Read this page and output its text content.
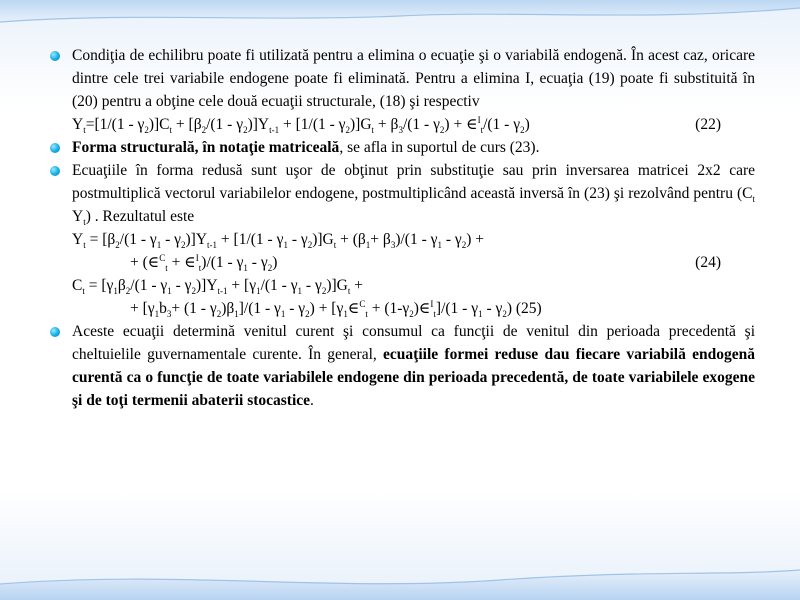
Condiţia de echilibru poate fi utilizată pentru a elimina o ecuaţie şi o variabilă endogenă. În acest caz, oricare dintre cele trei variabile endogene poate fi eliminată. Pentru a elimina I, ecuaţia (19) poate fi substituită în (20) pentru a obţine cele două ecuaţii structurale, (18) şi respectiv
$Y_t=[1/(1 - \gamma_2)]C_t + [\beta_2/(1 - \gamma_2)]Y_{t-1} + [1/(1 - \gamma_2)]G_t + \beta_3/(1 - \gamma_2)$ + ∈$^I_t$/(1 - $\gamma_2$)	(22)
Forma structurală, în notaţie matriceală, se afla in suportul de curs (23).
Ecuaţiile în forma redusă sunt uşor de obţinut prin substituţie sau prin inversarea matricei 2x2 care postmultiplică vectorul variabilelor endogene, postmultiplicând această inversă în (23) şi rezolvând pentru ($C_t$ $Y_t$) . Rezultatul este
$Y_t = [\beta_2/(1 - \gamma_1 - \gamma_2)]Y_{t-1} + [1/(1 - \gamma_1 - \gamma_2)]G_t + (\beta_1+ \beta_3)/(1 - \gamma_1 - \gamma_2)$ +
+ (∈$^C_t$ + ∈$^I_t$)/(1 - $\gamma_1 - \gamma_2$)	(24)
$C_t = [\gamma_1\beta_2/(1 - \gamma_1 - \gamma_2)]Y_{t-1} + [\gamma_1/(1 - \gamma_1 - \gamma_2)]G_t$ +
+ $[\gamma_1b_3+ (1 - \gamma_2)\beta_1]/(1 - \gamma_1 - \gamma_2)$ + [$\gamma_1\in^C_t$ + $(1-\gamma_2)\in^I_t]/(1 - \gamma_1 - \gamma_2)$ (25)
Aceste ecuaţii determină venitul curent şi consumul ca funcţii de venitul din perioada precedentă şi cheltuielile guvernamentale curente. În general, ecuaţiile formei reduse dau fiecare variabilă endogenă curentă ca o funcţie de toate variabilele endogene din perioada precedentă, de toate variabilele exogene şi de toţi termenii abaterii stocastice.
